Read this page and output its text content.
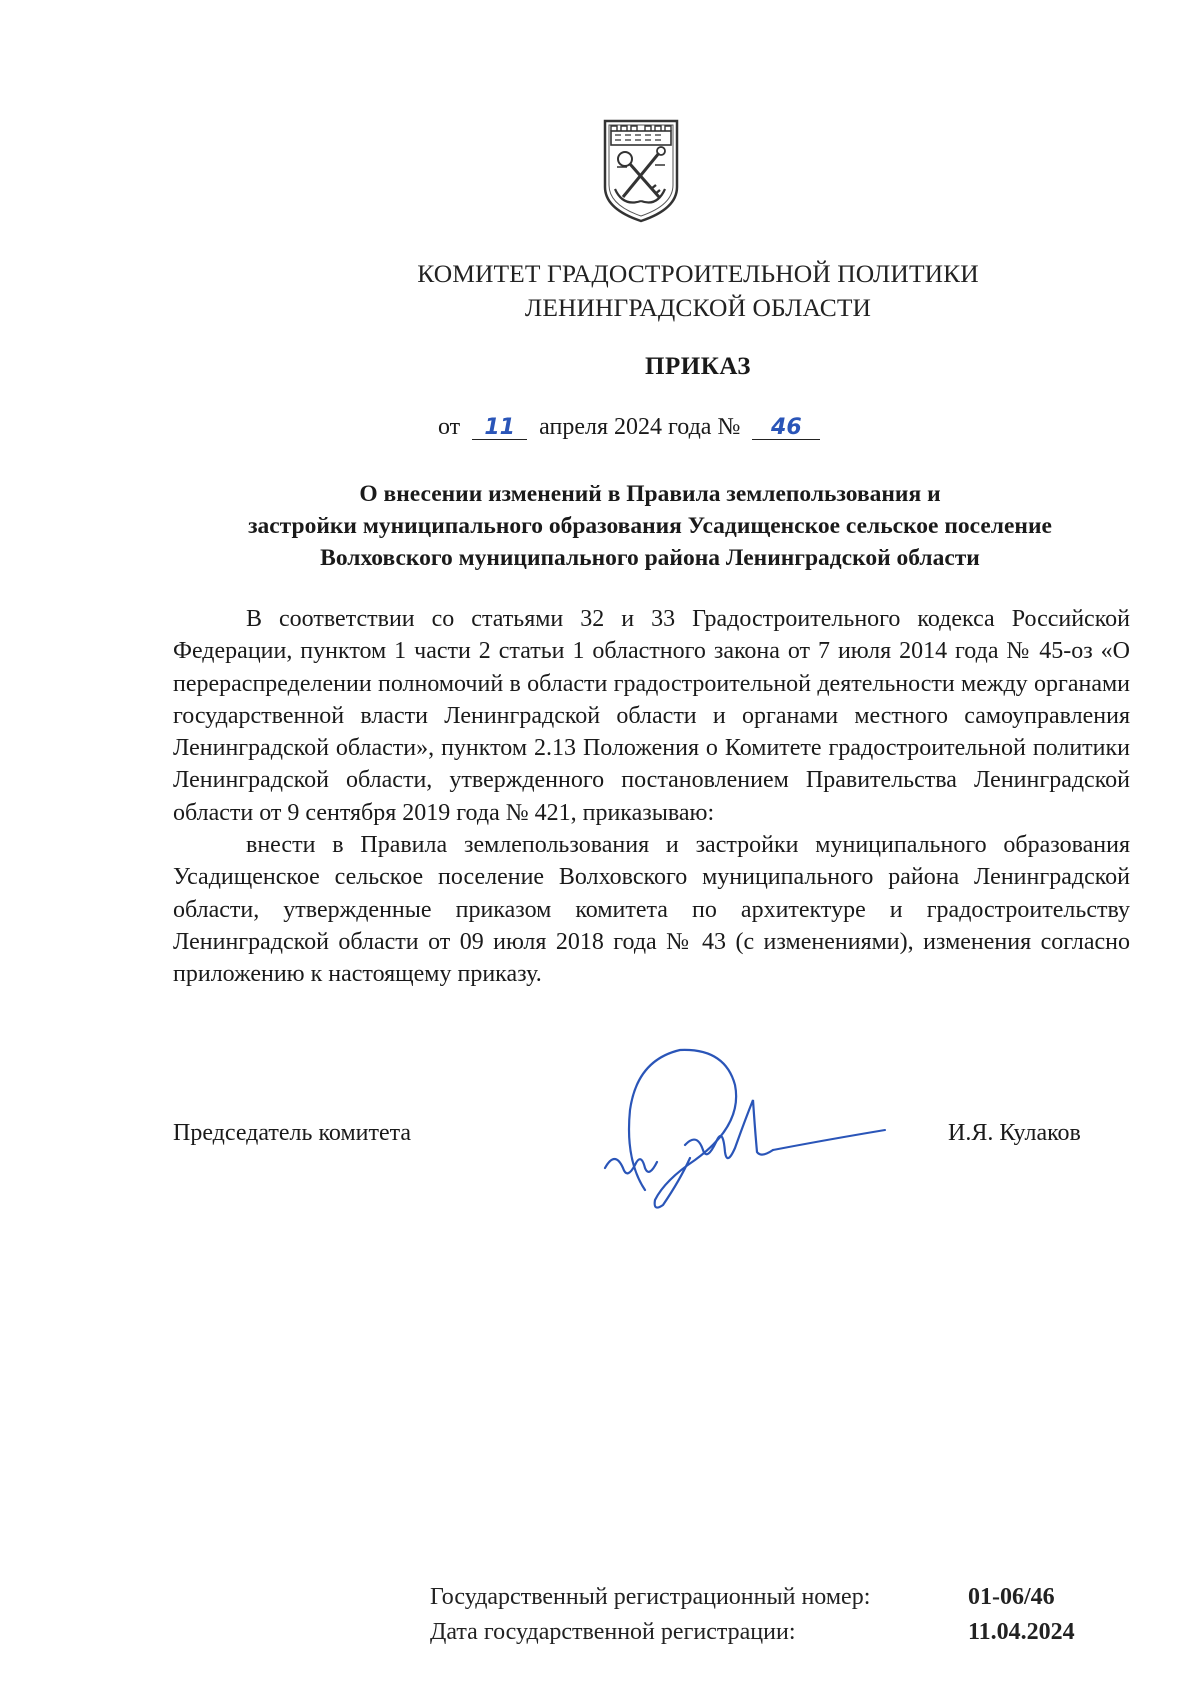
КОМИТЕТ ГРАДОСТРОИТЕЛЬНОЙ ПОЛИТИКИ
ЛЕНИНГРАДСКОЙ ОБЛАСТИ
ПРИКАЗ
от 11 апреля 2024 года № 46
О внесении изменений в Правила землепользования и
застройки муниципального образования Усадищенское сельское поселение
Волховского муниципального района Ленинградской области

В соответствии со статьями 32 и 33 Градостроительного кодекса Российской Федерации, пунктом 1 части 2 статьи 1 областного закона от 7 июля 2014 года № 45-оз «О перераспределении полномочий в области градостроительной деятельности между органами государственной власти Ленинградской области и органами местного самоуправления Ленинградской области», пунктом 2.13 Положения о Комитете градостроительной политики Ленинградской области, утвержденного постановлением Правительства Ленинградской области от 9 сентября 2019 года № 421, приказываю:

внести в Правила землепользования и застройки муниципального образования Усадищенское сельское поселение Волховского муниципального района Ленинградской области, утвержденные приказом комитета по архитектуре и градостроительству Ленинградской области от 09 июля 2018 года № 43 (с изменениями), изменения согласно приложению к настоящему приказу.

Председатель комитета	И.Я. Кулаков
Государственный регистрационный номер:	01-06/46
Дата государственной регистрации:	11.04.2024
